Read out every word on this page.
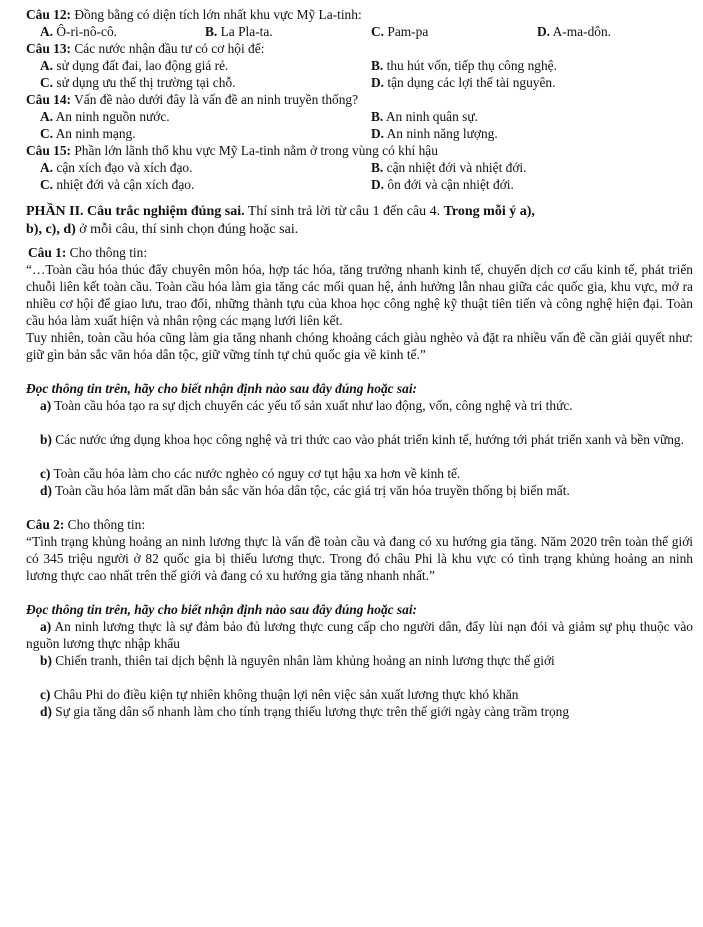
Câu 12: Đồng bằng có diện tích lớn nhất khu vực Mỹ La-tinh:
A. Ô-ri-nô-cô.	B. La Pla-ta.	C. Pam-pa	D. A-ma-dôn.
Câu 13: Các nước nhận đầu tư có cơ hội để:
A. sử dụng đất đai, lao động giá rẻ.	B. thu hút vốn, tiếp thụ công nghệ.
C. sử dụng ưu thế thị trường tại chỗ.	D. tận dụng các lợi thế tài nguyên.
Câu 14: Vấn đề nào dưới đây là vấn đề an ninh truyền thống?
A. An ninh nguồn nước.	B. An ninh quân sự.
C. An ninh mạng.	D. An ninh năng lượng.
Câu 15: Phần lớn lãnh thổ khu vực Mỹ La-tinh nằm ở trong vùng có khí hậu
A. cận xích đạo và xích đạo.	B. cận nhiệt đới và nhiệt đới.
C. nhiệt đới và cận xích đạo.	D. ôn đới và cận nhiệt đới.
PHẦN II. Câu trắc nghiệm đúng sai. Thí sinh trả lời từ câu 1 đến câu 4. Trong mỗi ý a),
b), c), d) ở mỗi câu, thí sinh chọn đúng hoặc sai.
Câu 1: Cho thông tin:
“…Toàn cầu hóa thúc đẩy chuyên môn hóa, hợp tác hóa, tăng trưởng nhanh kinh tế, chuyển dịch cơ cấu kinh tế, phát triển chuỗi liên kết toàn cầu. Toàn cầu hóa làm gia tăng các mối quan hệ, ảnh hưởng lẫn nhau giữa các quốc gia, khu vực, mở ra nhiều cơ hội để giao lưu, trao đổi, những thành tựu của khoa học công nghệ kỹ thuật tiên tiến và công nghệ hiện đại. Toàn cầu hóa làm xuất hiện và nhân rộng các mạng lưới liên kết.
Tuy nhiên, toàn cầu hóa cũng làm gia tăng nhanh chóng khoảng cách giàu nghèo và đặt ra nhiều vấn đề cần giải quyết như: giữ gìn bản sắc văn hóa dân tộc, giữ vững tính tự chủ quốc gia về kinh tế.”
Đọc thông tin trên, hãy cho biết nhận định nào sau đây đúng hoặc sai:
a) Toàn cầu hóa tạo ra sự dịch chuyển các yếu tố sản xuất như lao động, vốn, công nghệ và tri thức.
b) Các nước ứng dụng khoa học công nghệ và tri thức cao vào phát triển kinh tế, hướng tới phát triển xanh và bền vững.
c) Toàn cầu hóa làm cho các nước nghèo có nguy cơ tụt hậu xa hơn về kinh tế.
d) Toàn cầu hóa làm mất dần bản sắc văn hóa dân tộc, các giá trị văn hóa truyền thống bị biến mất.
Câu 2: Cho thông tin:
“Tình trạng khủng hoảng an ninh lương thực là vấn đề toàn cầu và đang có xu hướng gia tăng. Năm 2020 trên toàn thế giới có 345 triệu người ở 82 quốc gia bị thiếu lương thực. Trong đó châu Phi là khu vực có tình trạng khủng hoảng an ninh lương thực cao nhất trên thế giới và đang có xu hướng gia tăng nhanh nhất.”
Đọc thông tin trên, hãy cho biết nhận định nào sau đây đúng hoặc sai:
a) An ninh lương thực là sự đảm bảo đủ lương thực cung cấp cho người dân, đẩy lùi nạn đói và giảm sự phụ thuộc vào nguồn lương thực nhập khẩu
b) Chiến tranh, thiên tai dịch bệnh là nguyên nhân làm khủng hoảng an ninh lương thực thế giới
c) Châu Phi do điều kiện tự nhiên không thuận lợi nên việc sản xuất lương thực khó khăn
d) Sự gia tăng dân số nhanh làm cho tính trạng thiếu lương thực trên thế giới ngày càng trầm trọng
